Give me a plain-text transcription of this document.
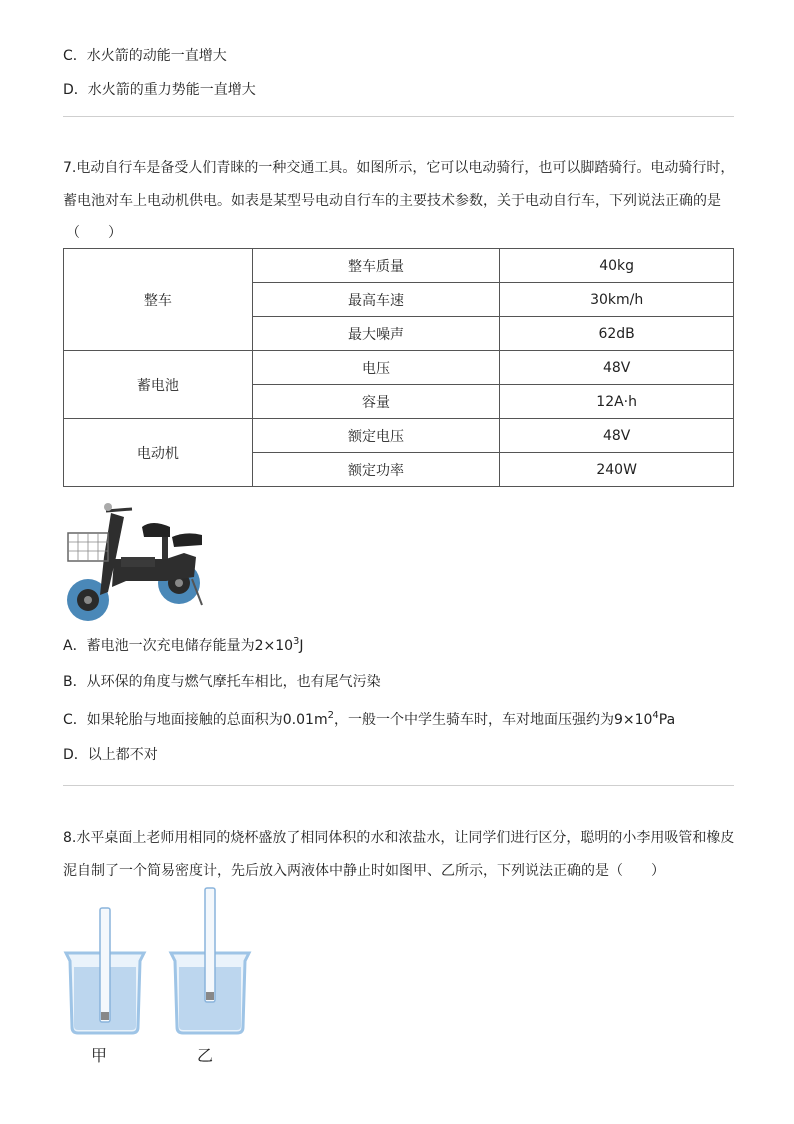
C．水火箭的动能一直增大
D．水火箭的重力势能一直增大
7.电动自行车是备受人们青睐的一种交通工具。如图所示，它可以电动骑行，也可以脚踏骑行。电动骑行时，
蓄电池对车上电动机供电。如表是某型号电动自行车的主要技术参数，关于电动自行车，下列说法正确的是
（　　）
整车	整车质量	40kg
	最高车速	30km/h
	最大噪声	62dB
蓄电池	电压	48V
	容量	12A·h
电动机	额定电压	48V
	额定功率	240W
A．蓄电池一次充电储存能量为$2\times 10^3J$
B．从环保的角度与燃气摩托车相比，也有尾气污染
C．如果轮胎与地面接触的总面积为$0.01m^2$，一般一个中学生骑车时，车对地面压强约为$9\times 10^4Pa$
D．以上都不对
8.水平桌面上老师用相同的烧杯盛放了相同体积的水和浓盐水，让同学们进行区分，聪明的小李用吸管和橡皮
泥自制了一个简易密度计，先后放入两液体中静止时如图甲、乙所示，下列说法正确的是（　　）
甲	乙
